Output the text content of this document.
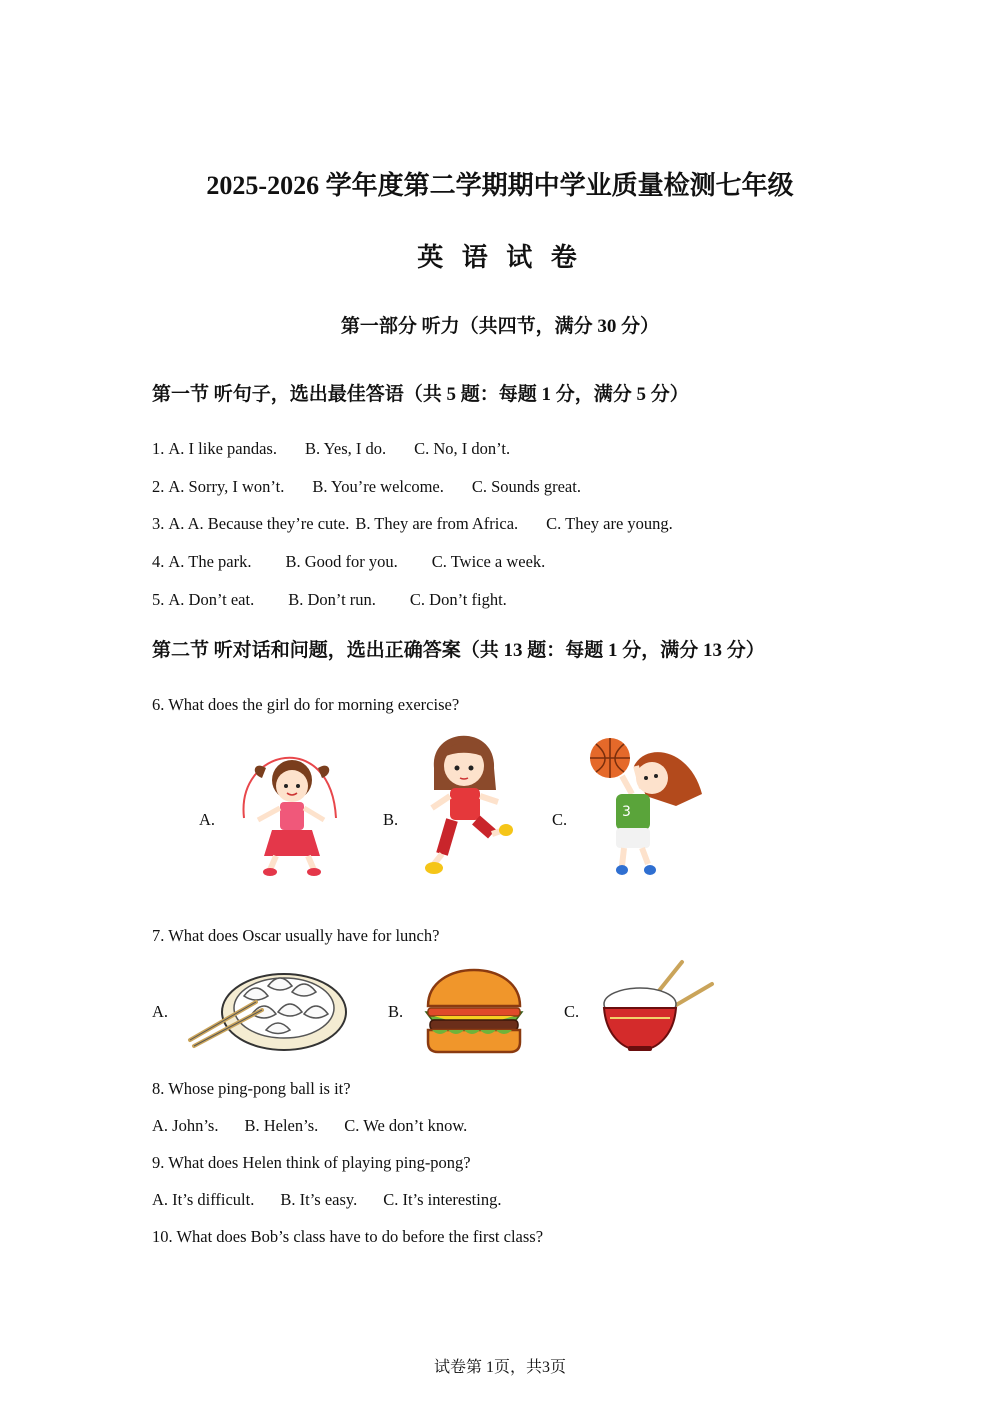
2025-2026 学年度第二学期期中学业质量检测七年级
英 语 试 卷
第一部分 听力（共四节，满分 30 分）
第一节 听句子，选出最佳答语（共 5 题：每题 1 分，满分 5 分）
1. A. I like pandas. B. Yes, I do. C. No, I don’t.
2. A. Sorry, I won’t. B. You’re welcome. C. Sounds great.
3. A. A. Because they’re cute. B. They are from Africa. C. They are young.
4. A. The park. B. Good for you. C. Twice a week.
5. A. Don’t eat. B. Don’t run. C. Don’t fight.
第二节 听对话和问题，选出正确答案（共 13 题：每题 1 分，满分 13 分）
6. What does the girl do for morning exercise?
A.	B.	C.	3
7. What does Oscar usually have for lunch?
A.	B.	C.
8. Whose ping-pong ball is it?
A. John’s. B. Helen’s. C. We don’t know.
9. What does Helen think of playing ping-pong?
A. It’s difficult. B. It’s easy. C. It’s interesting.
10. What does Bob’s class have to do before the first class?
试卷第 1页，共3页
